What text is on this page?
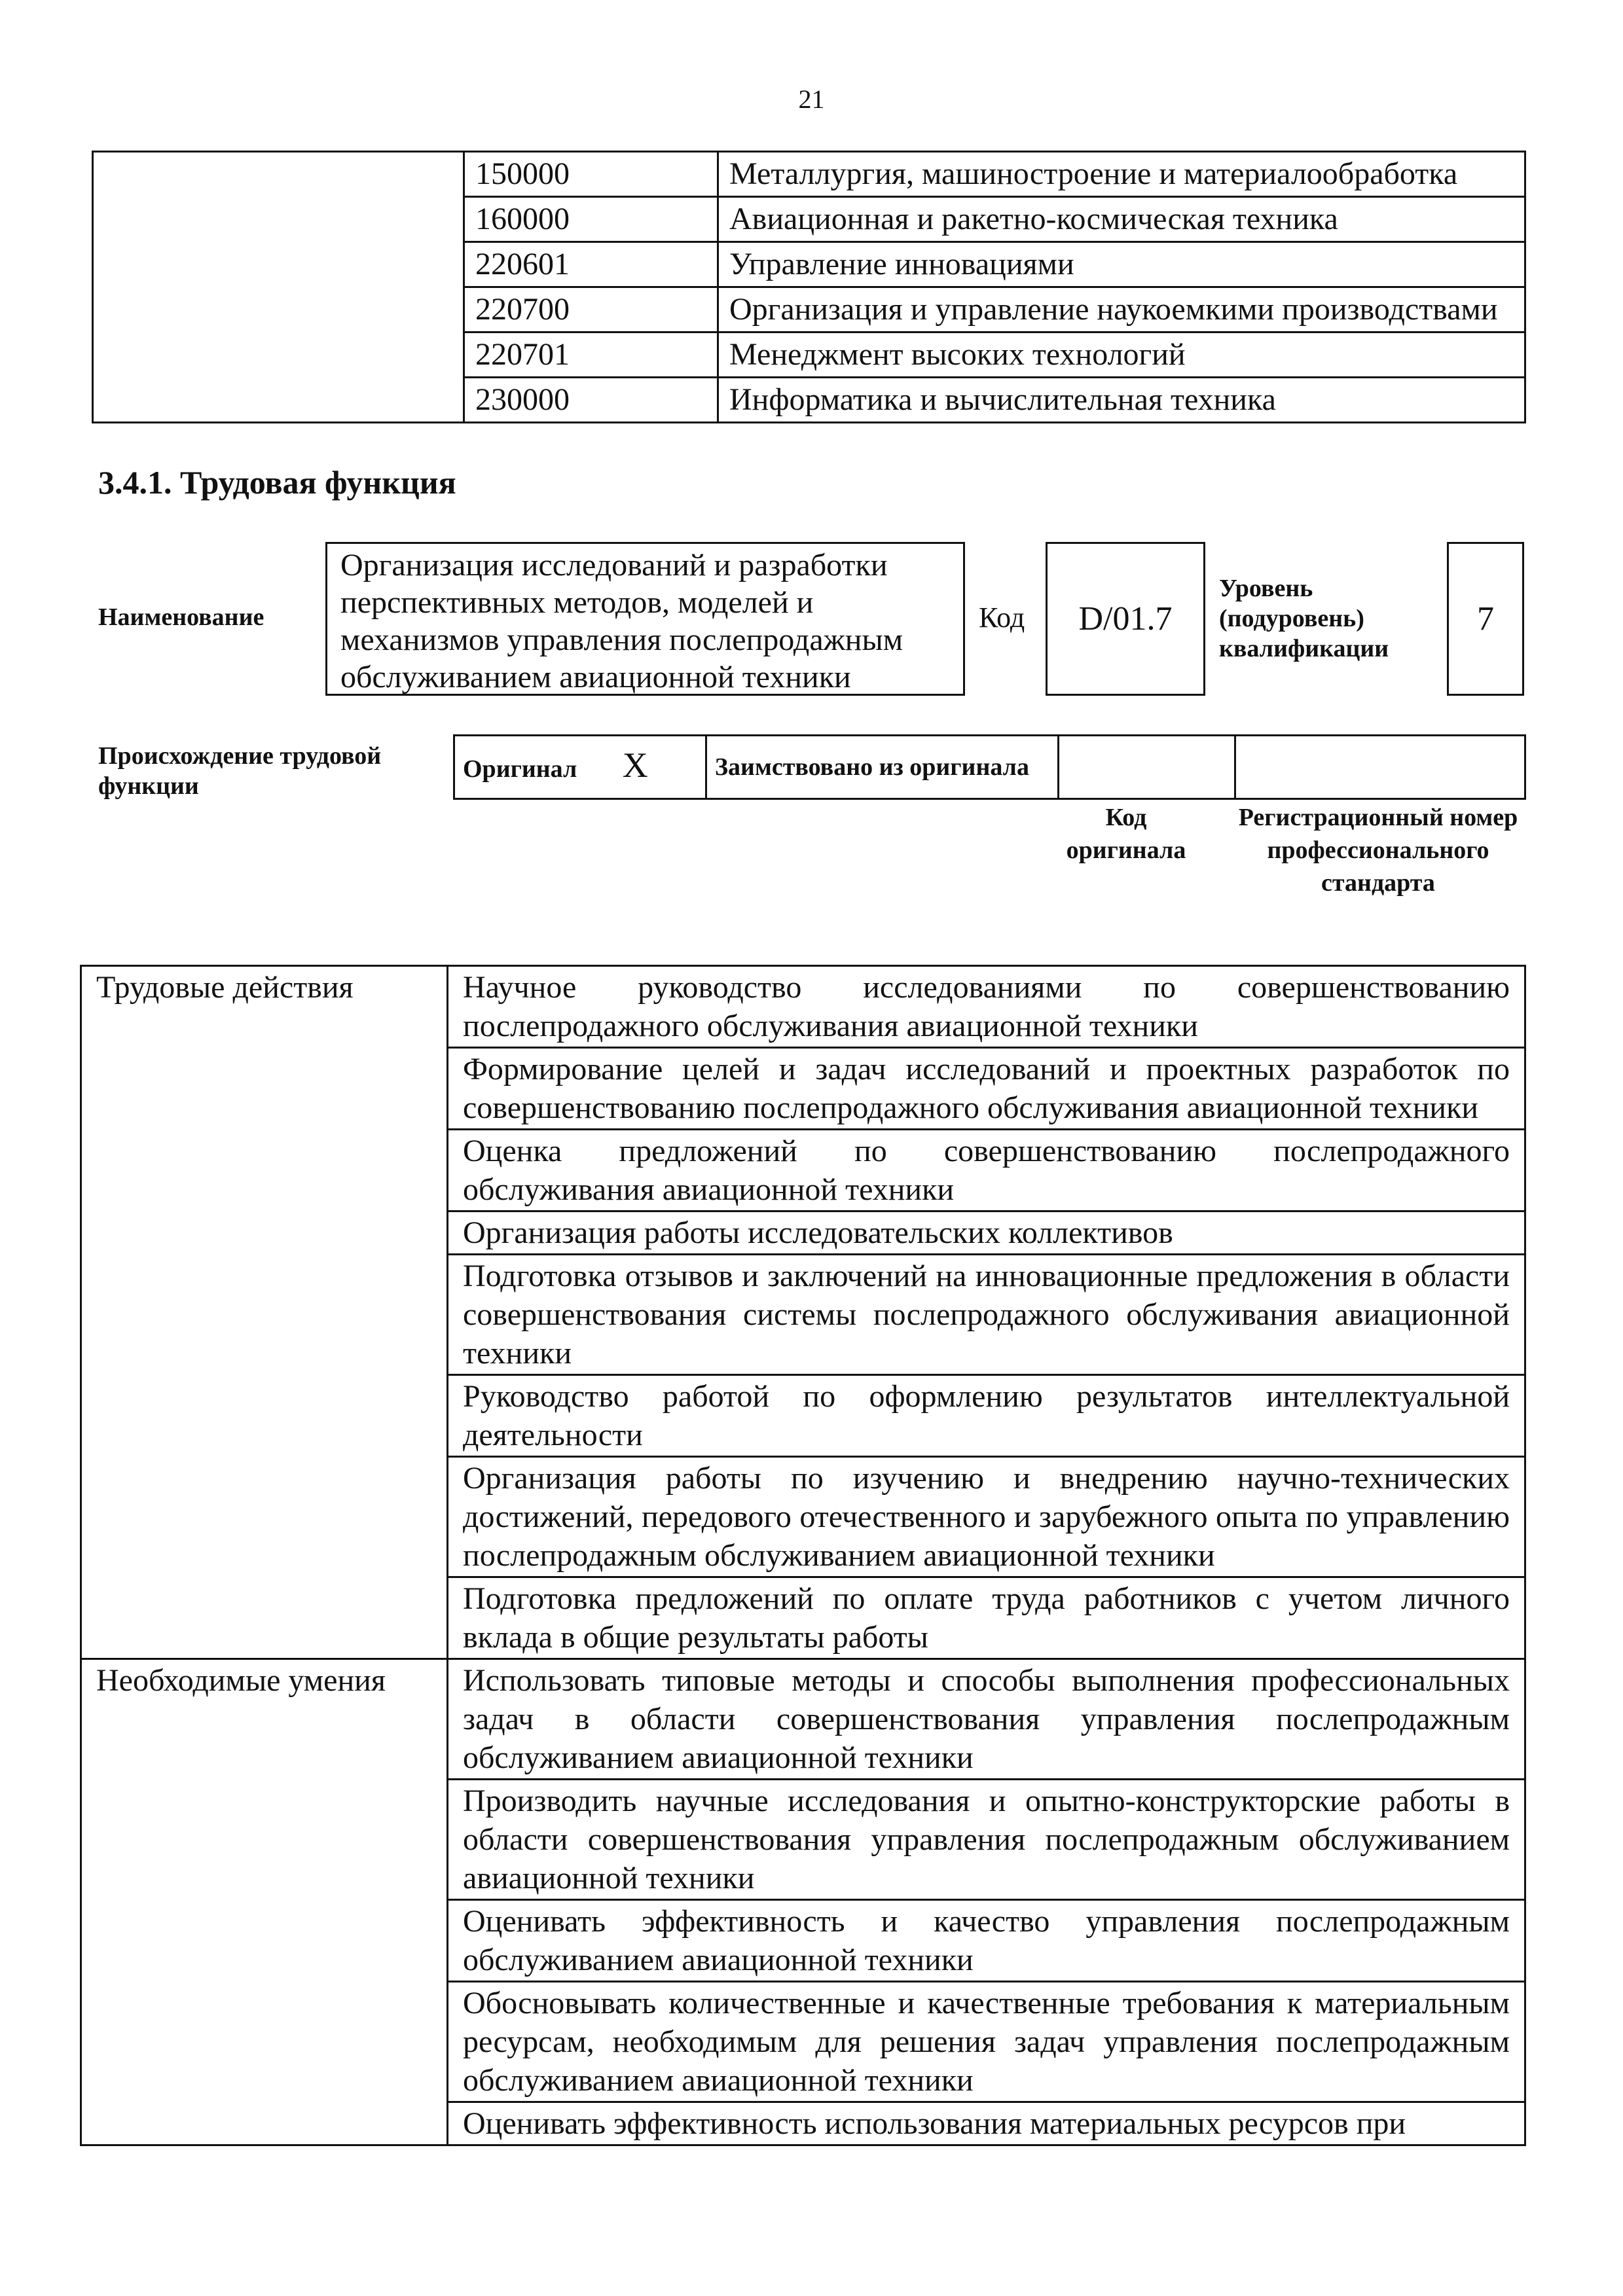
21
	150000	Металлургия, машиностроение и материалообработка
	160000	Авиационная и ракетно-космическая техника
	220601	Управление инновациями
	220700	Организация и управление наукоемкими производствами
	220701	Менеджмент высоких технологий
	230000	Информатика и вычислительная техника
3.4.1. Трудовая функция
Наименование
Организация исследований и разработки перспективных методов, моделей и механизмов управления послепродажным обслуживанием авиационной техники
Код	D/01.7
Уровень (подуровень) квалификации
7
Происхождение трудовой функции
Оригинал X	Заимствовано из оригинала		
Код оригинала
Регистрационный номер профессионального стандарта
Трудовые действия	Научное руководство исследованиями по совершенствованию послепродажного обслуживания авиационной техники
	Формирование целей и задач исследований и проектных разработок по совершенствованию послепродажного обслуживания авиационной техники
	Оценка предложений по совершенствованию послепродажного обслуживания авиационной техники
	Организация работы исследовательских коллективов
	Подготовка отзывов и заключений на инновационные предложения в области совершенствования системы послепродажного обслуживания авиационной техники
	Руководство работой по оформлению результатов интеллектуальной деятельности
	Организация работы по изучению и внедрению научно-технических достижений, передового отечественного и зарубежного опыта по управлению послепродажным обслуживанием авиационной техники
	Подготовка предложений по оплате труда работников с учетом личного вклада в общие результаты работы
Необходимые умения	Использовать типовые методы и способы выполнения профессиональных задач в области совершенствования управления послепродажным обслуживанием авиационной техники
	Производить научные исследования и опытно-конструкторские работы в области совершенствования управления послепродажным обслуживанием авиационной техники
	Оценивать эффективность и качество управления послепродажным обслуживанием авиационной техники
	Обосновывать количественные и качественные требования к материальным ресурсам, необходимым для решения задач управления послепродажным обслуживанием авиационной техники
	Оценивать эффективность использования материальных ресурсов при
